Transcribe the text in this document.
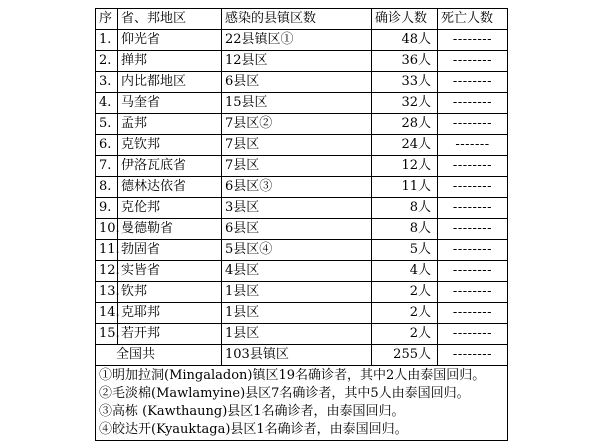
序	省、邦地区	感染的县镇区数	确诊人数	死亡人数
1.	仰光省	22县镇区①	48人	--------
2.	掸邦	12县区	36人	--------
3.	内比都地区	6县区	33人	--------
4.	马奎省	15县区	32人	--------
5.	孟邦	7县区②	28人	--------
6.	克钦邦	7县区	24人	-------
7.	伊洛瓦底省	7县区	12人	--------
8.	德林达依省	6县区③	11人	--------
9.	克伦邦	3县区	8人	--------
10.	曼德勒省	6县区	8人	--------
11.	勃固省	5县区④	5人	--------
12.	实皆省	4县区	4人	--------
13.	钦邦	1县区	2人	--------
14.	克耶邦	1县区	2人	--------
15.	若开邦	1县区	2人	--------
全国共		103县镇区	255人	--------

①明加拉洞(Mingaladon)镇区19名确诊者，其中2人由泰国回归。
②毛淡棉(Mawlamyine)县区7名确诊者，其中5人由泰国回归。
③高栋 (Kawthaung)县区1名确诊者，由泰国回归。
④皎达开(Kyauktaga)县区1名确诊者，由泰国回归。				
